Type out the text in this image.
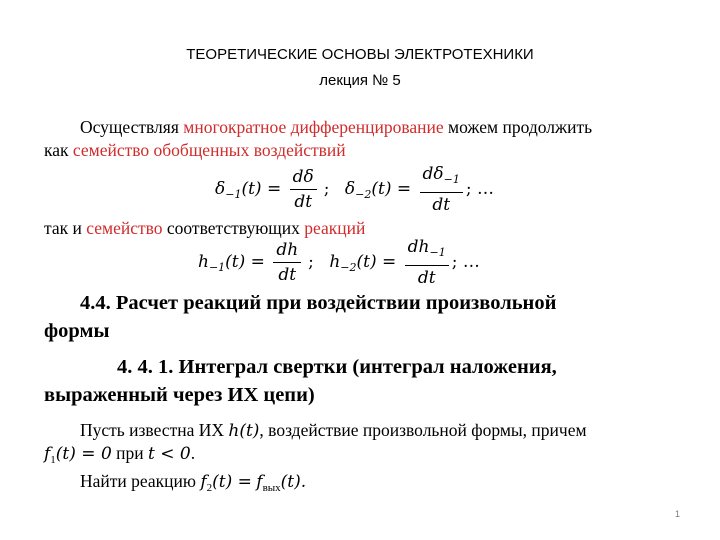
ТЕОРЕТИЧЕСКИЕ ОСНОВЫ ЭЛЕКТРОТЕХНИКИ
лекция № 5
Осуществляя многократное дифференцирование можем продолжить
как семейство обобщенных воздействий
$\delta_{-1}(t) = \frac{d\delta}{dt}$ ; $\delta_{-2}(t) = \frac{d\delta_{-1}}{dt}$ ; …
так и семейство соответствующих реакций
$h_{-1}(t) = \frac{dh}{dt}$ ; $h_{-2}(t) = \frac{dh_{-1}}{dt}$ ; …
4.4. Расчет реакций при воздействии произвольной
формы
4. 4. 1. Интеграл свертки (интеграл наложения,
выраженный через ИХ цепи)
Пусть известна ИХ h(t), воздействие произвольной формы, причем
$f_1(t) = 0$ при t < 0.
Найти реакцию $f_2(t) = f_{вых}(t)$.
1
